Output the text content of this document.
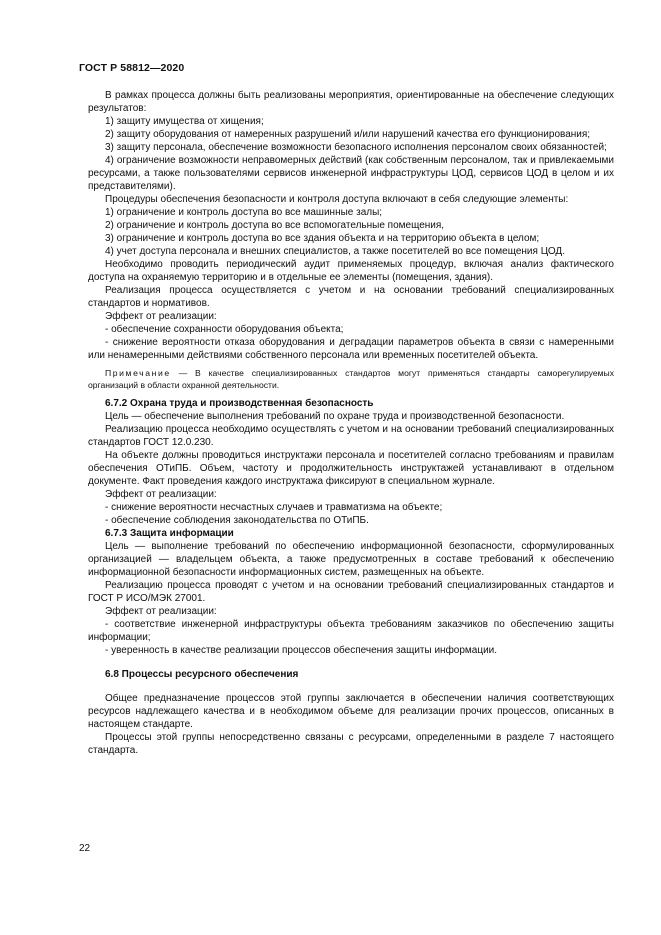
ГОСТ Р 58812—2020

В рамках процесса должны быть реализованы мероприятия, ориентированные на обеспечение следующих результатов:

1) защиту имущества от хищения;

2) защиту оборудования от намеренных разрушений и/или нарушений качества его функционирования;

3) защиту персонала, обеспечение возможности безопасного исполнения персоналом своих обязанностей;

4) ограничение возможности неправомерных действий (как собственным персоналом, так и привлекаемыми ресурсами, а также пользователями сервисов инженерной инфраструктуры ЦОД, сервисов ЦОД в целом и их представителями).

Процедуры обеспечения безопасности и контроля доступа включают в себя следующие элементы:

1) ограничение и контроль доступа во все машинные залы;

2) ограничение и контроль доступа во все вспомогательные помещения,

3) ограничение и контроль доступа во все здания объекта и на территорию объекта в целом;

4) учет доступа персонала и внешних специалистов, а также посетителей во все помещения ЦОД.

Необходимо проводить периодический аудит применяемых процедур, включая анализ фактического доступа на охраняемую территорию и в отдельные ее элементы (помещения, здания).

Реализация процесса осуществляется с учетом и на основании требований специализированных стандартов и нормативов.

Эффект от реализации:

- обеспечение сохранности оборудования объекта;

- снижение вероятности отказа оборудования и деградации параметров объекта в связи с намеренными или ненамеренными действиями собственного персонала или временных посетителей объекта.

Примечание — В качестве специализированных стандартов могут применяться стандарты саморегулируемых организаций в области охранной деятельности.

6.7.2 Охрана труда и производственная безопасность

Цель — обеспечение выполнения требований по охране труда и производственной безопасности.

Реализацию процесса необходимо осуществлять с учетом и на основании требований специализированных стандартов ГОСТ 12.0.230.

На объекте должны проводиться инструктажи персонала и посетителей согласно требованиям и правилам обеспечения ОТиПБ. Объем, частоту и продолжительность инструктажей устанавливают в отдельном документе. Факт проведения каждого инструктажа фиксируют в специальном журнале.

Эффект от реализации:

- снижение вероятности несчастных случаев и травматизма на объекте;

- обеспечение соблюдения законодательства по ОТиПБ.

6.7.3 Защита информации

Цель — выполнение требований по обеспечению информационной безопасности, сформулированных организацией — владельцем объекта, а также предусмотренных в составе требований к обеспечению информационной безопасности информационных систем, размещенных на объекте.

Реализацию процесса проводят с учетом и на основании требований специализированных стандартов и ГОСТ Р ИСО/МЭК 27001.

Эффект от реализации:

- соответствие инженерной инфраструктуры объекта требованиям заказчиков по обеспечению защиты информации;

- уверенность в качестве реализации процессов обеспечения защиты информации.

6.8 Процессы ресурсного обеспечения

Общее предназначение процессов этой группы заключается в обеспечении наличия соответствующих ресурсов надлежащего качества и в необходимом объеме для реализации прочих процессов, описанных в настоящем стандарте.

Процессы этой группы непосредственно связаны с ресурсами, определенными в разделе 7 настоящего стандарта.

22
